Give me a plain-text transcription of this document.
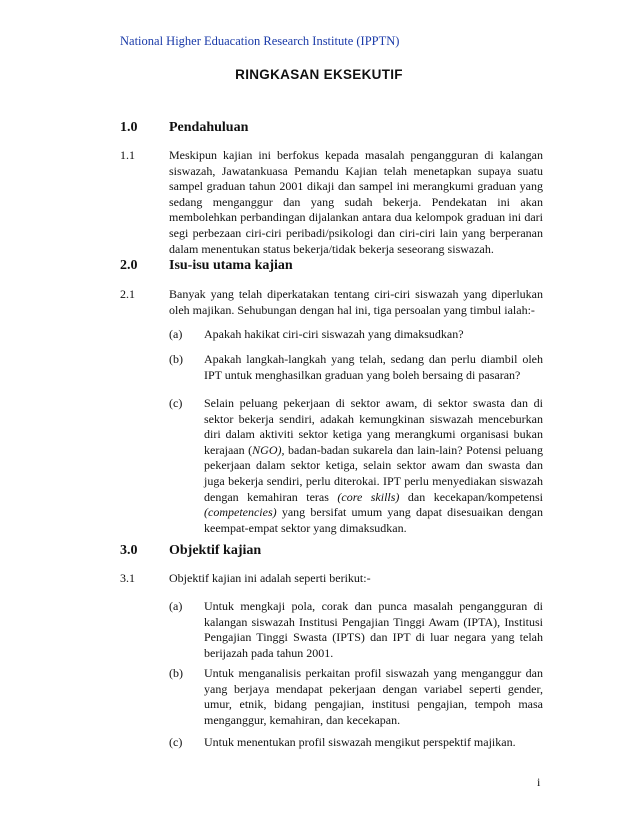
National Higher Eduacation Research Institute (IPPTN)
RINGKASAN EKSEKUTIF
1.0 Pendahuluan
1.1	Meskipun kajian ini berfokus kepada masalah pengangguran di kalangan siswazah, Jawatankuasa Pemandu Kajian telah menetapkan supaya suatu sampel graduan tahun 2001 dikaji dan sampel ini merangkumi graduan yang sedang menganggur dan yang sudah bekerja. Pendekatan ini akan membolehkan perbandingan dijalankan antara dua kelompok graduan ini dari segi perbezaan ciri-ciri peribadi/psikologi dan ciri-ciri lain yang berperanan dalam menentukan status bekerja/tidak bekerja seseorang siswazah.
2.0 Isu-isu utama kajian
2.1	Banyak yang telah diperkatakan tentang ciri-ciri siswazah yang diperlukan oleh majikan. Sehubungan dengan hal ini, tiga persoalan yang timbul ialah:-
(a) Apakah hakikat ciri-ciri siswazah yang dimaksudkan?
(b) Apakah langkah-langkah yang telah, sedang dan perlu diambil oleh IPT untuk menghasilkan graduan yang boleh bersaing di pasaran?
(c) Selain peluang pekerjaan di sektor awam, di sektor swasta dan di sektor bekerja sendiri, adakah kemungkinan siswazah menceburkan diri dalam aktiviti sektor ketiga yang merangkumi organisasi bukan kerajaan (NGO), badan-badan sukarela dan lain-lain? Potensi peluang pekerjaan dalam sektor ketiga, selain sektor awam dan swasta dan juga bekerja sendiri, perlu diterokai. IPT perlu menyediakan siswazah dengan kemahiran teras (core skills) dan kecekapan/kompetensi (competencies) yang bersifat umum yang dapat disesuaikan dengan keempat-empat sektor yang dimaksudkan.
3.0 Objektif kajian
3.1	Objektif kajian ini adalah seperti berikut:-
(a) Untuk mengkaji pola, corak dan punca masalah pengangguran di kalangan siswazah Institusi Pengajian Tinggi Awam (IPTA), Institusi Pengajian Tinggi Swasta (IPTS) dan IPT di luar negara yang telah berijazah pada tahun 2001.
(b) Untuk menganalisis perkaitan profil siswazah yang menganggur dan yang berjaya mendapat pekerjaan dengan variabel seperti gender, umur, etnik, bidang pengajian, institusi pengajian, tempoh masa menganggur, kemahiran, dan kecekapan.
(c) Untuk menentukan profil siswazah mengikut perspektif majikan.
i
